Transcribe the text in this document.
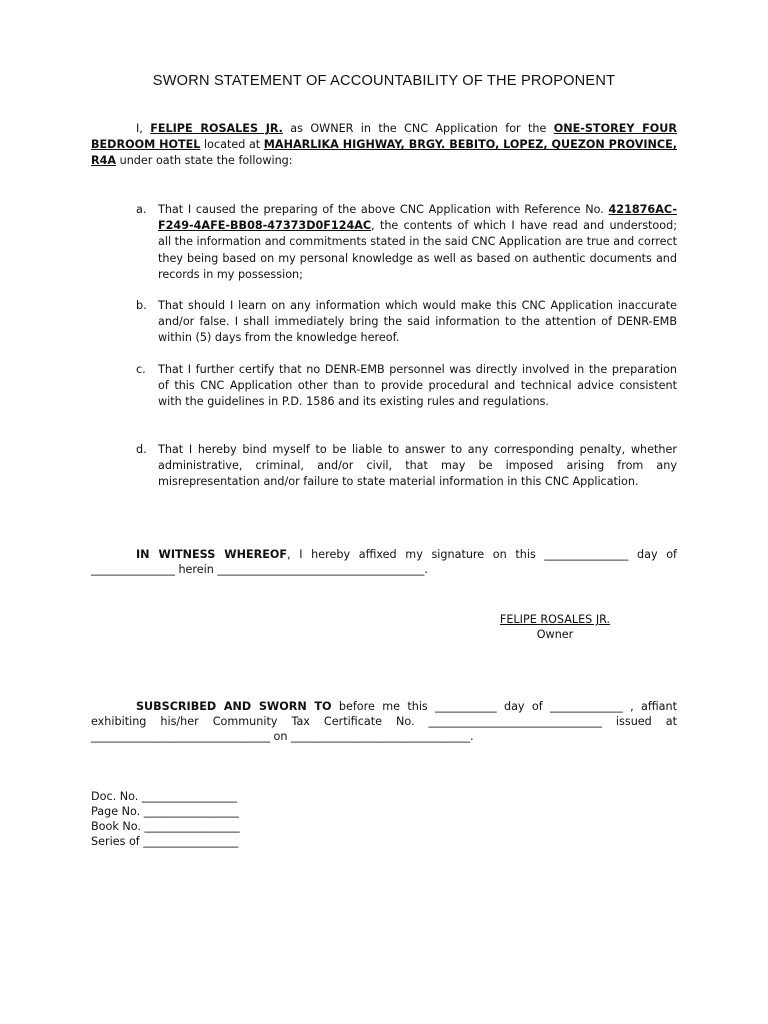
SWORN STATEMENT OF ACCOUNTABILITY OF THE PROPONENT
I, FELIPE ROSALES JR. as OWNER in the CNC Application for the ONE-STOREY FOUR BEDROOM HOTEL located at MAHARLIKA HIGHWAY, BRGY. BEBITO, LOPEZ, QUEZON PROVINCE, R4A under oath state the following:
a.	That I caused the preparing of the above CNC Application with Reference No. 421876AC-F249-4AFE-BB08-47373D0F124AC, the contents of which I have read and understood; all the information and commitments stated in the said CNC Application are true and correct they being based on my personal knowledge as well as based on authentic documents and records in my possession;
b.	That should I learn on any information which would make this CNC Application inaccurate and/or false. I shall immediately bring the said information to the attention of DENR-EMB within (5) days from the knowledge hereof.
c.	That I further certify that no DENR-EMB personnel was directly involved in the preparation of this CNC Application other than to provide procedural and technical advice consistent with the guidelines in P.D. 1586 and its existing rules and regulations.
d.	That I hereby bind myself to be liable to answer to any corresponding penalty, whether administrative, criminal, and/or civil, that may be imposed arising from any misrepresentation and/or failure to state material information in this CNC Application.
IN WITNESS WHEREOF, I hereby affixed my signature on this _______________ day of
_______________ herein _____________________________________.
FELIPE ROSALES JR.
Owner
SUBSCRIBED AND SWORN TO before me this ___________ day of _____________ , affiant
exhibiting his/her Community Tax Certificate No. _______________________________ issued at
________________________________ on ________________________________.
Doc. No. _________________
Page No. _________________
Book No. _________________
Series of _________________
